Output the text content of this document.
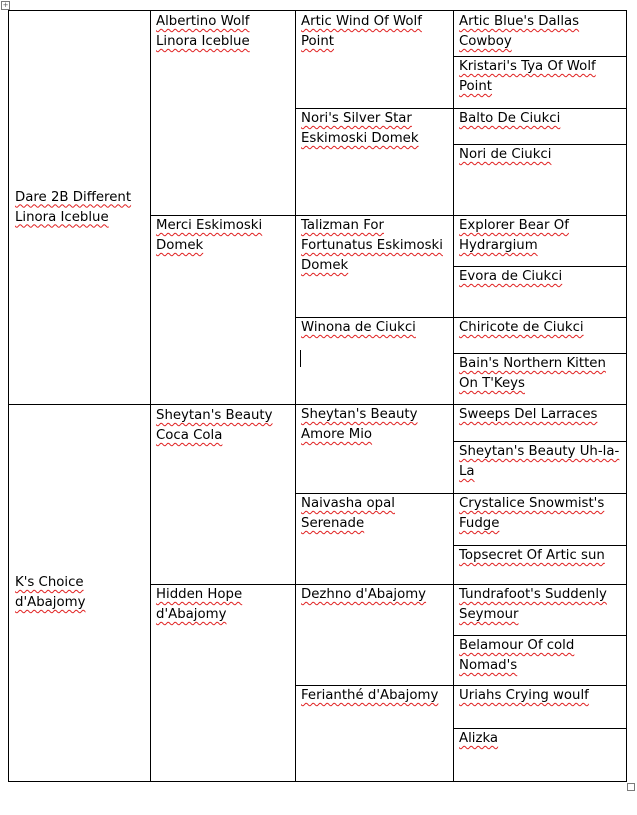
+
Dare 2B Different Linora Iceblue
K's Choice d'Abajomy
Albertino Wolf Linora Iceblue
Merci Eskimoski Domek
Sheytan's Beauty Coca Cola
Hidden Hope d'Abajomy
Artic Wind Of Wolf Point
Nori's Silver Star Eskimoski Domek
Talizman For Fortunatus Eskimoski Domek
Winona de Ciukci
Sheytan's Beauty Amore Mio
Naivasha opal Serenade
Dezhno d'Abajomy
Feriantһé d'Abajomy
Artic Blue's Dallas Cowboy
Kristari's Tya Of Wolf Point
Balto De Ciukci
Nori de Ciukci
Explorer Bear Of Hydrargium
Evora de Ciukci
Chiricote de Ciukci
Bain's Northern Kitten On T'Keys
Sweeps Del Larraces
Sheytan's Beauty Uh-la-La
Crystalice Snowmist's Fudge
Topsecret Of Artic sun
Tundrafoot's Suddenly Seymour
Belamour Of cold Nomad's
Uriahs Crying woulf
Alizka
